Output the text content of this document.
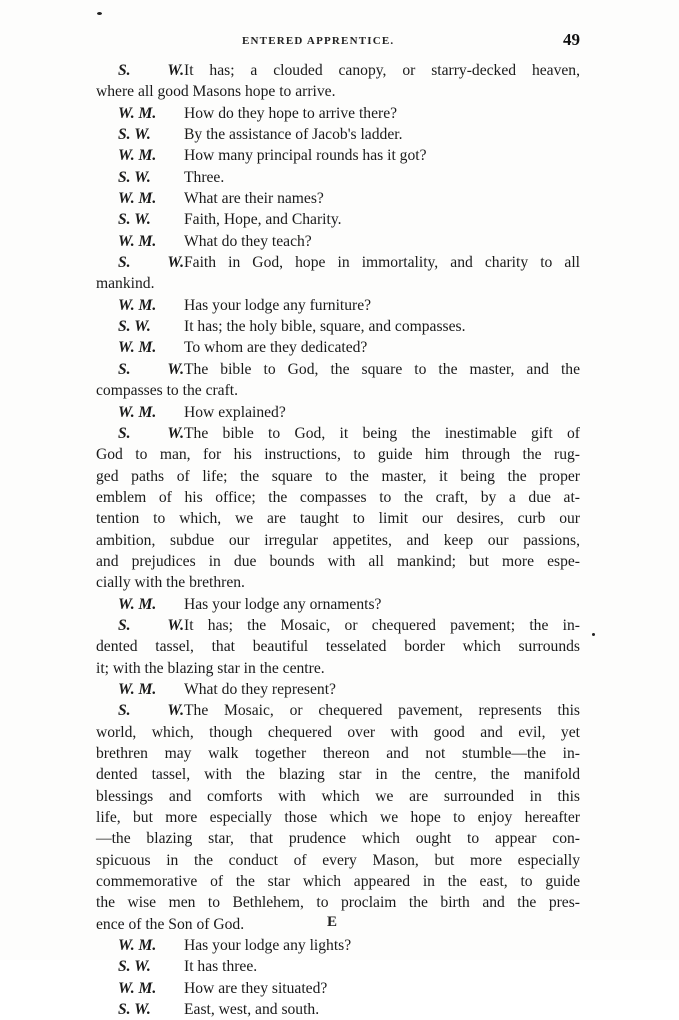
ENTERED APPRENTICE.	49
S. W.It has; a clouded canopy, or starry-decked heaven,
where all good Masons hope to arrive.
W. M. How do they hope to arrive there?
S. W. By the assistance of Jacob's ladder.
W. M. How many principal rounds has it got?
S. W. Three.
W. M. What are their names?
S. W. Faith, Hope, and Charity.
W. M. What do they teach?
S. W.Faith in God, hope in immortality, and charity to all
mankind.
W. M. Has your lodge any furniture?
S. W. It has; the holy bible, square, and compasses.
W. M. To whom are they dedicated?
S. W.The bible to God, the square to the master, and the
compasses to the craft.
W. M. How explained?
S. W.The bible to God, it being the inestimable gift of
God to man, for his instructions, to guide him through the rug-
ged paths of life; the square to the master, it being the proper
emblem of his office; the compasses to the craft, by a due at-
tention to which, we are taught to limit our desires, curb our
ambition, subdue our irregular appetites, and keep our passions,
and prejudices in due bounds with all mankind; but more espe-
cially with the brethren.
W. M. Has your lodge any ornaments?
S. W.It has; the Mosaic, or chequered pavement; the in-
dented tassel, that beautiful tesselated border which surrounds
it; with the blazing star in the centre.
W. M. What do they represent?
S. W.The Mosaic, or chequered pavement, represents this
world, which, though chequered over with good and evil, yet
brethren may walk together thereon and not stumble—the in-
dented tassel, with the blazing star in the centre, the manifold
blessings and comforts with which we are surrounded in this
life, but more especially those which we hope to enjoy hereafter
—the blazing star, that prudence which ought to appear con-
spicuous in the conduct of every Mason, but more especially
commemorative of the star which appeared in the east, to guide
the wise men to Bethlehem, to proclaim the birth and the pres-
ence of the Son of God.
W. M. Has your lodge any lights?
S. W. It has three.
W. M. How are they situated?
S. W. East, west, and south.
E
